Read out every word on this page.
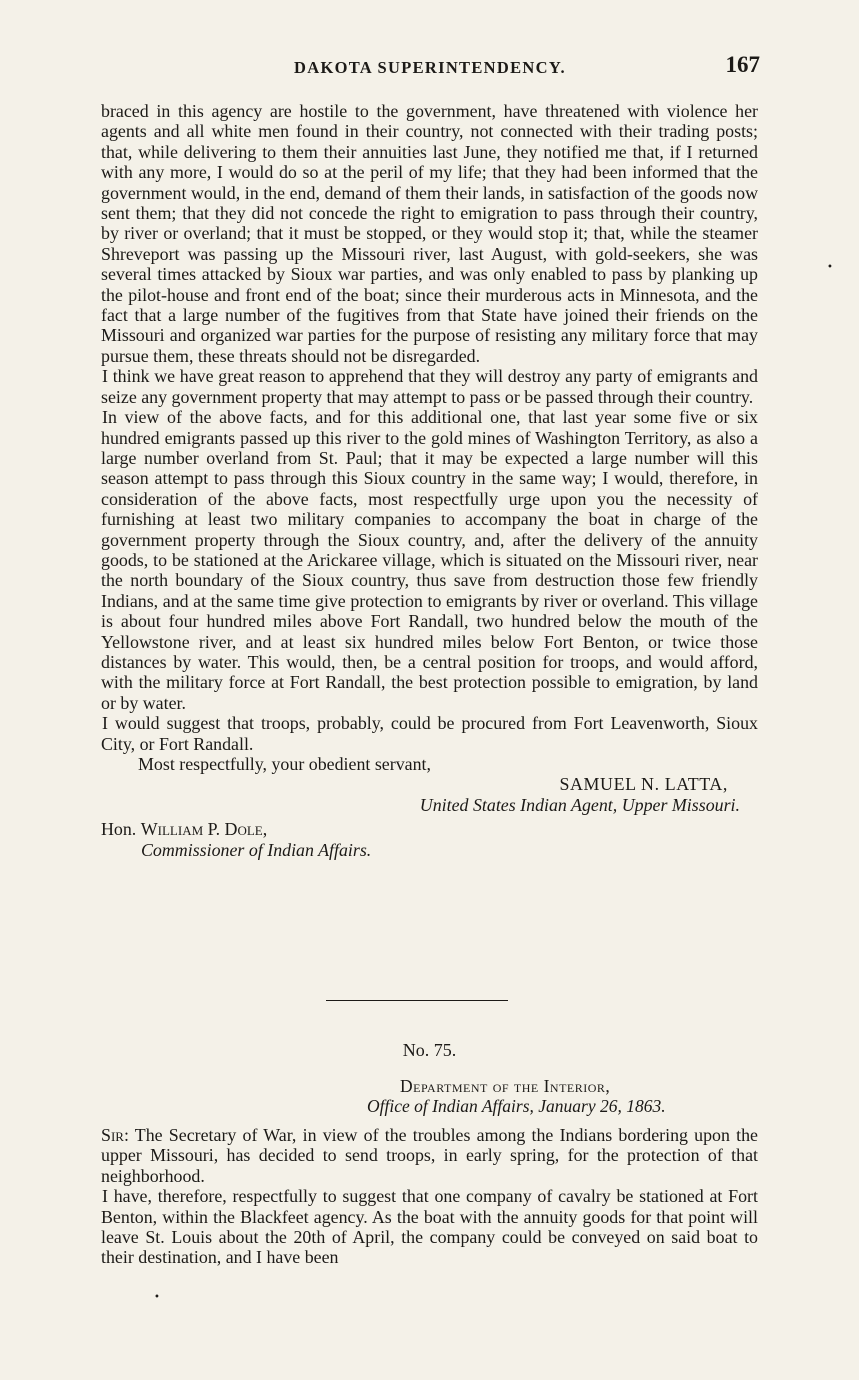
DAKOTA SUPERINTENDENCY.	167

braced in this agency are hostile to the government, have threatened with violence her agents and all white men found in their country, not connected with their trading posts; that, while delivering to them their annuities last June, they notified me that, if I returned with any more, I would do so at the peril of my life; that they had been informed that the government would, in the end, demand of them their lands, in satisfaction of the goods now sent them; that they did not concede the right to emigration to pass through their country, by river or overland; that it must be stopped, or they would stop it; that, while the steamer Shreveport was passing up the Missouri river, last August, with gold-seekers, she was several times attacked by Sioux war parties, and was only enabled to pass by planking up the pilot-house and front end of the boat; since their murderous acts in Minnesota, and the fact that a large number of the fugitives from that State have joined their friends on the Missouri and organized war parties for the purpose of resisting any military force that may pursue them, these threats should not be disregarded.

I think we have great reason to apprehend that they will destroy any party of emigrants and seize any government property that may attempt to pass or be passed through their country.

In view of the above facts, and for this additional one, that last year some five or six hundred emigrants passed up this river to the gold mines of Washington Territory, as also a large number overland from St. Paul; that it may be expected a large number will this season attempt to pass through this Sioux country in the same way; I would, therefore, in consideration of the above facts, most respectfully urge upon you the necessity of furnishing at least two military companies to accompany the boat in charge of the government property through the Sioux country, and, after the delivery of the annuity goods, to be stationed at the Arickaree village, which is situated on the Missouri river, near the north boundary of the Sioux country, thus save from destruction those few friendly Indians, and at the same time give protection to emigrants by river or overland. This village is about four hundred miles above Fort Randall, two hundred below the mouth of the Yellowstone river, and at least six hundred miles below Fort Benton, or twice those distances by water. This would, then, be a central position for troops, and would afford, with the military force at Fort Randall, the best protection possible to emigration, by land or by water.

I would suggest that troops, probably, could be procured from Fort Leavenworth, Sioux City, or Fort Randall.

Most respectfully, your obedient servant,
SAMUEL N. LATTA,
United States Indian Agent, Upper Missouri.
Hon. William P. Dole,
Commissioner of Indian Affairs.
No. 75.
Department of the Interior,
Office of Indian Affairs, January 26, 1863.

Sir: The Secretary of War, in view of the troubles among the Indians bordering upon the upper Missouri, has decided to send troops, in early spring, for the protection of that neighborhood.

I have, therefore, respectfully to suggest that one company of cavalry be stationed at Fort Benton, within the Blackfeet agency. As the boat with the annuity goods for that point will leave St. Louis about the 20th of April, the company could be conveyed on said boat to their destination, and I have been

•
•
